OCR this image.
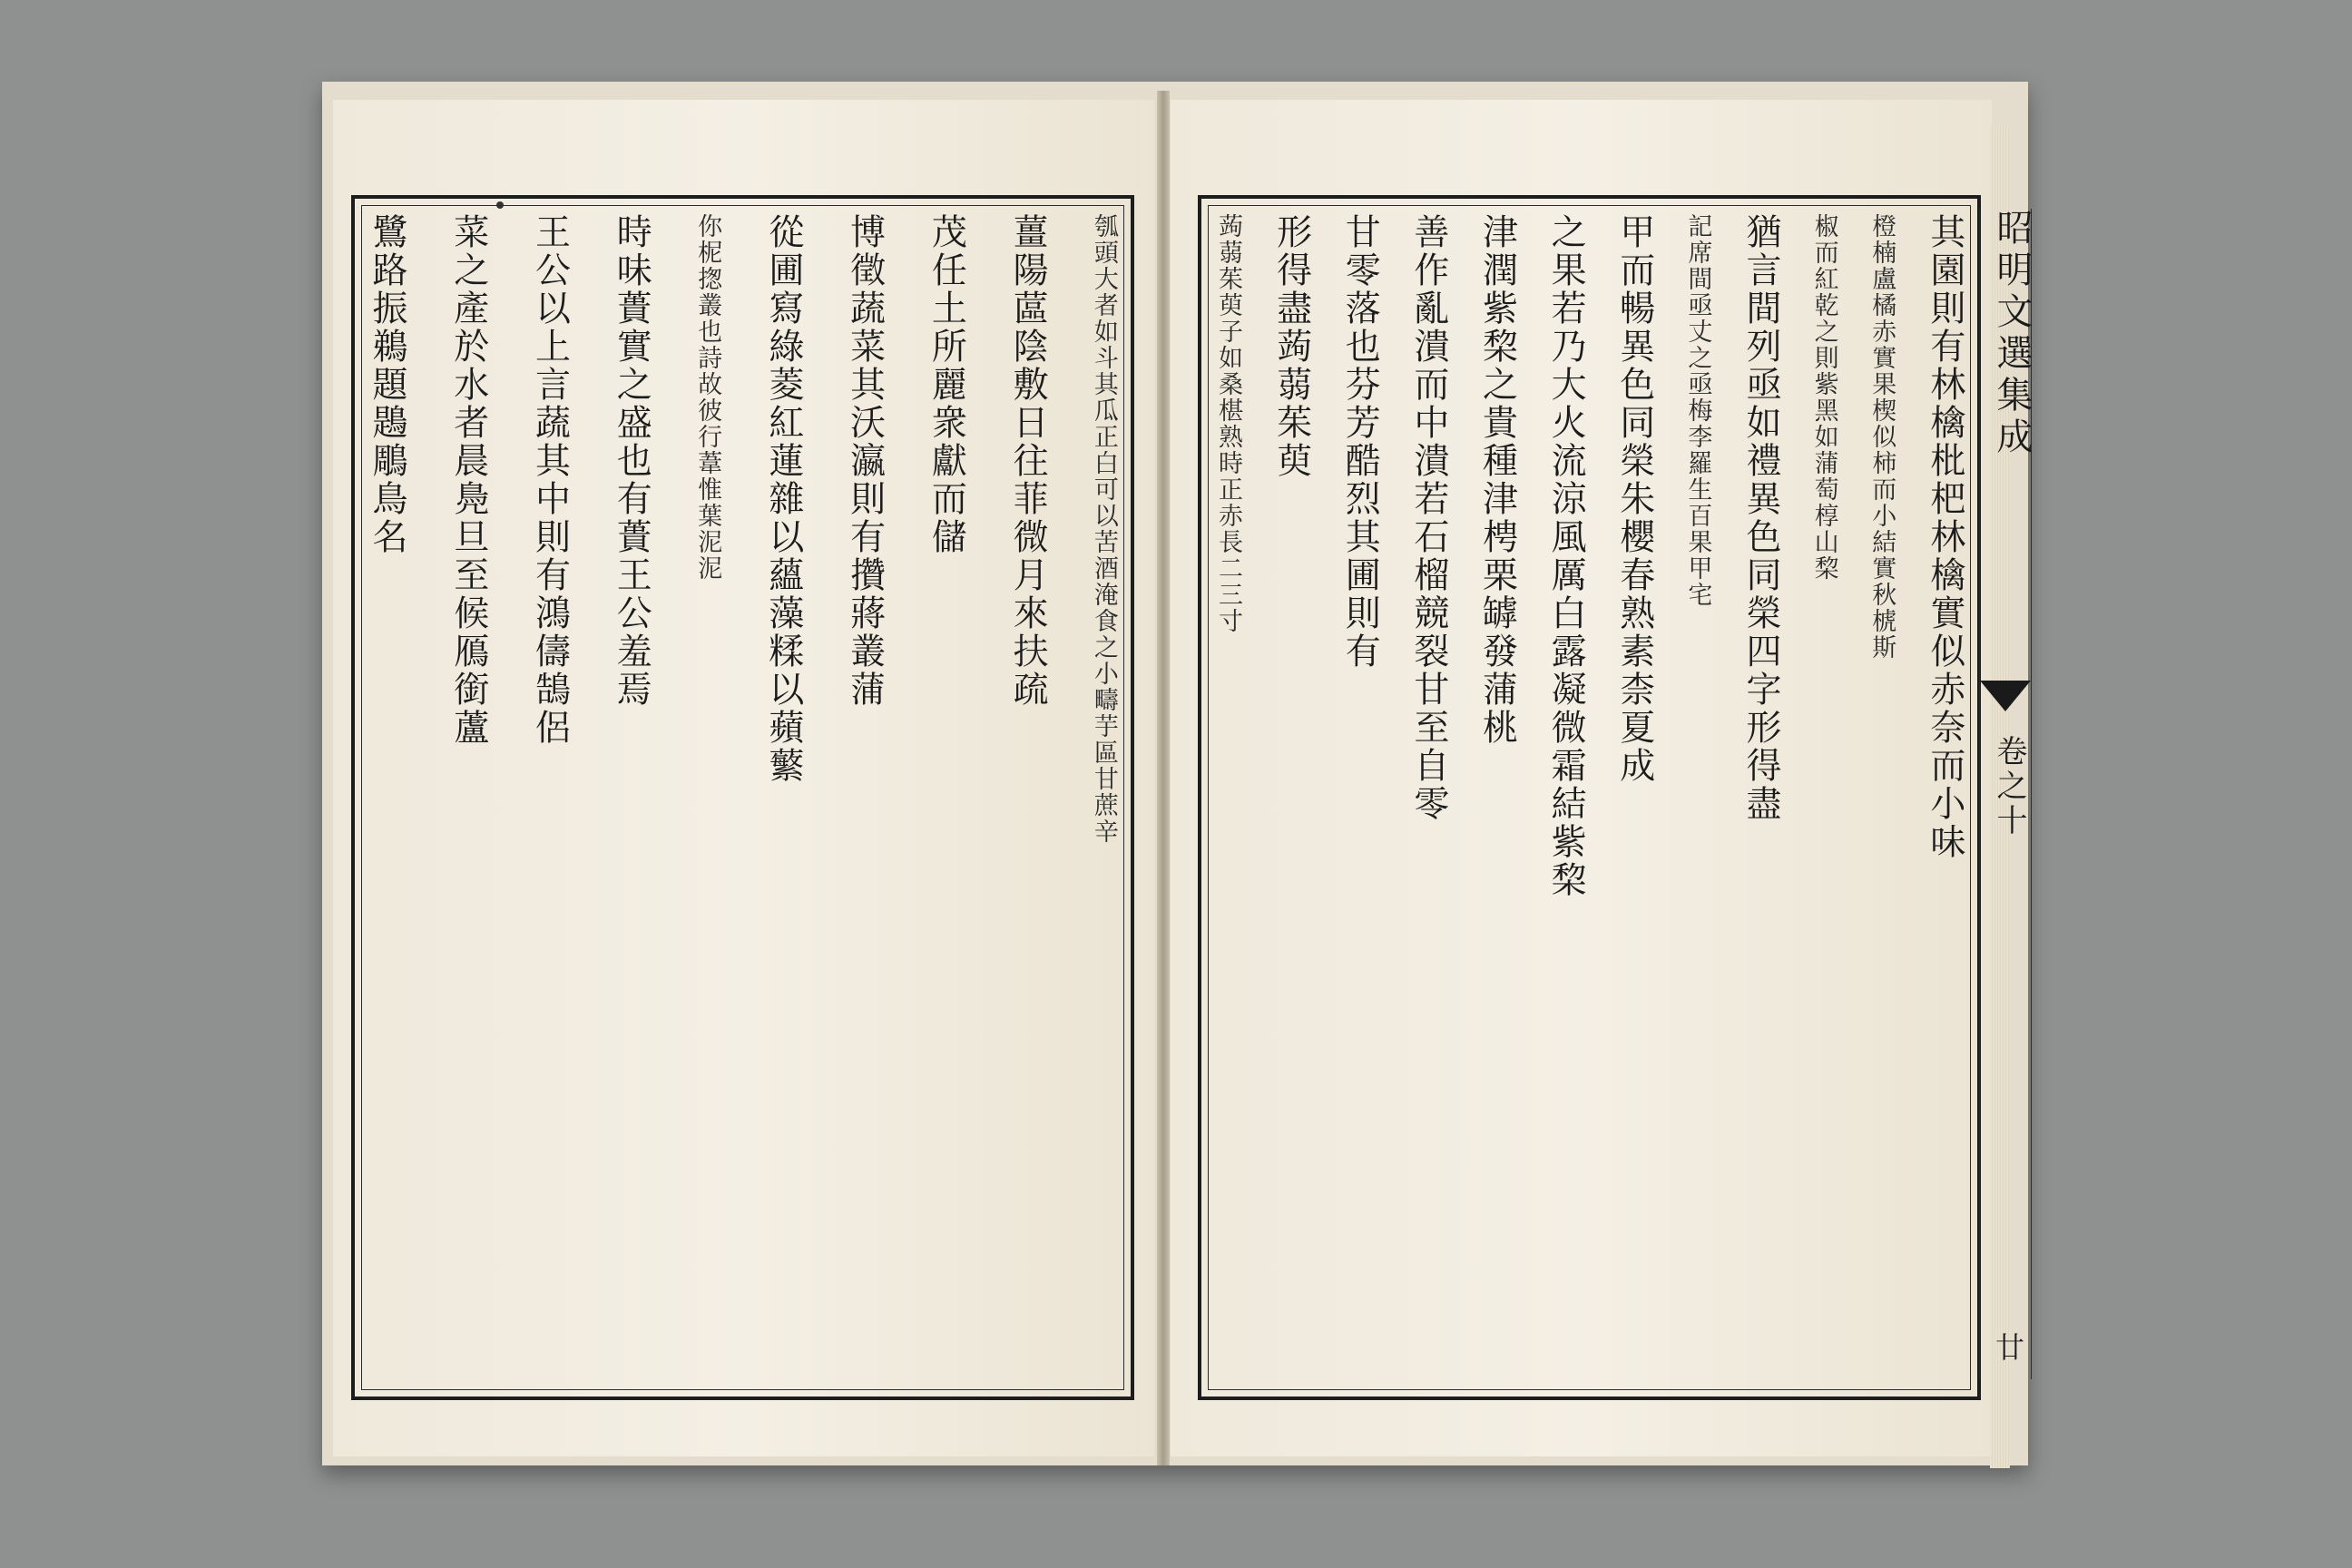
瓠頭大者如斗其瓜正白可以苦酒淹食之小疇芋區甘蔗辛
薑陽蓲陰敷日往菲微月來扶疏
茂任土所麗衆獻而儲
博徵蔬菜其沃瀛則有攢蔣叢蒲
從圃寫綠菱紅蓮雜以蘊藻糅以蘋蘩
你柅揔叢也詩故彼行葦惟葉泥泥
時味蕢實之盛也有蕢王公羞焉
王公以上言蔬其中則有鴻儔鵠侶
菜之產於水者晨鳧旦至候鴈銜蘆
鷺路振鵜題鶗鵰鳥名	其園則有林檎枇杷林檎實似赤奈而小味
橙楠盧橘赤實果楔似柿而小結實秋椃斯
椒而紅乾之則紫黑如蒲萄椁山棃
猶言間列亟如禮異色同榮四字形得盡
記席間亟丈之亟梅李羅生百果甲宅
甲而暢異色同榮朱櫻春熟素柰夏成
之果若乃大火流涼風厲白露凝微霜結紫棃
津潤紫棃之貴種津梬栗罅發蒲桃
善作亂潰而中潰若石榴競裂甘至自零
甘零落也芬芳酷烈其圃則有
形得盡蒟蒻茱萸
蒟蒻茱萸子如桑椹熟時正赤長二三寸	昭明文選集成
卷之十
廿
